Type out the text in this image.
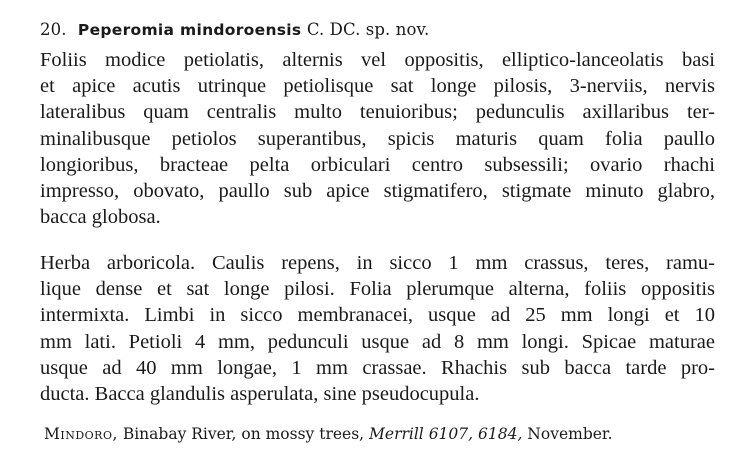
20. Peperomia mindoroensis C. DC. sp. nov.
Foliis modice petiolatis, alternis vel oppositis, elliptico-lanceolatis basi
et apice acutis utrinque petiolisque sat longe pilosis, 3-nerviis, nervis
lateralibus quam centralis multo tenuioribus; pedunculis axillaribus ter-
minalibusque petiolos superantibus, spicis maturis quam folia paullo
longioribus, bracteae pelta orbiculari centro subsessili; ovario rhachi
impresso, obovato, paullo sub apice stigmatifero, stigmate minuto glabro,
bacca globosa.
Herba arboricola. Caulis repens, in sicco 1 mm crassus, teres, ramu-
lique dense et sat longe pilosi. Folia plerumque alterna, foliis oppositis
intermixta. Limbi in sicco membranacei, usque ad 25 mm longi et 10
mm lati. Petioli 4 mm, pedunculi usque ad 8 mm longi. Spicae maturae
usque ad 40 mm longae, 1 mm crassae. Rhachis sub bacca tarde pro-
ducta. Bacca glandulis asperulata, sine pseudocupula.
Mindoro, Binabay River, on mossy trees, Merrill 6107, 6184, November.
